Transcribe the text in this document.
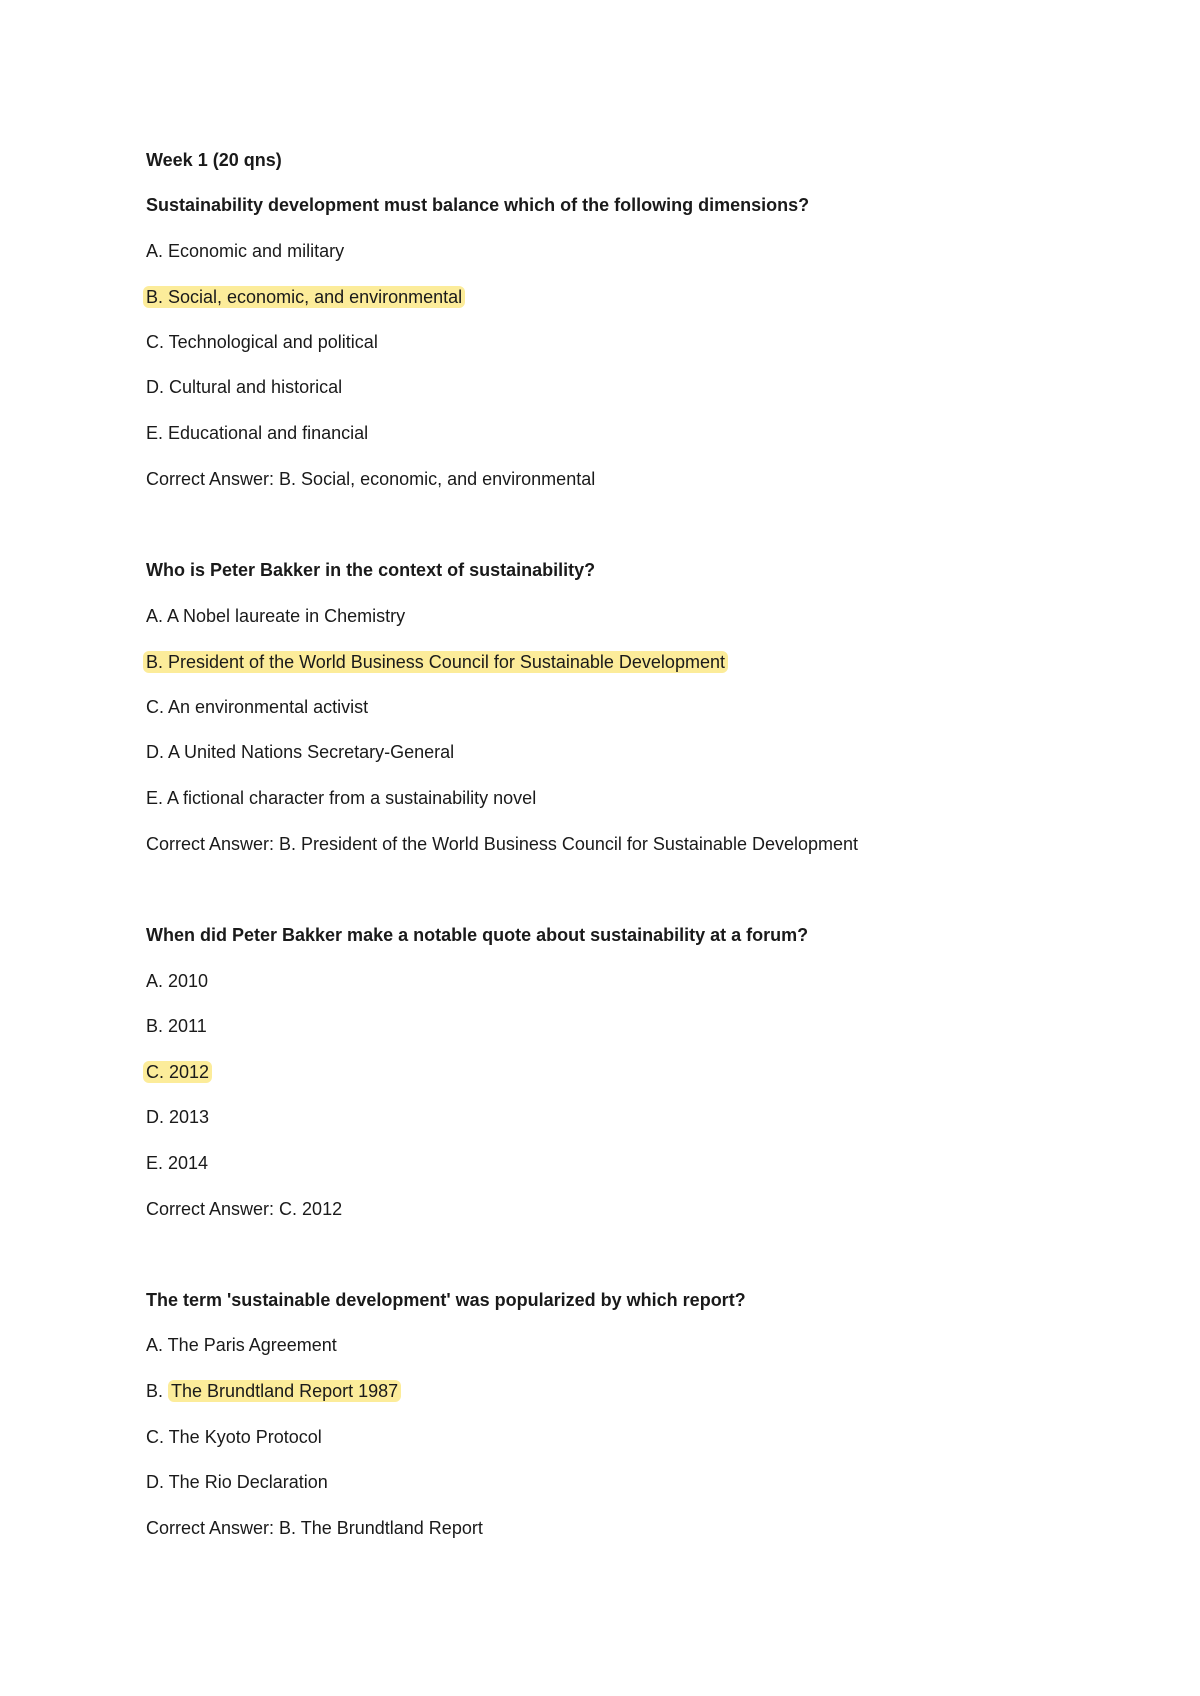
Week 1 (20 qns)
Sustainability development must balance which of the following dimensions?
A. Economic and military
B. Social, economic, and environmental
C. Technological and political
D. Cultural and historical
E. Educational and financial
Correct Answer: B. Social, economic, and environmental
Who is Peter Bakker in the context of sustainability?
A. A Nobel laureate in Chemistry
B. President of the World Business Council for Sustainable Development
C. An environmental activist
D. A United Nations Secretary-General
E. A fictional character from a sustainability novel
Correct Answer: B. President of the World Business Council for Sustainable Development
When did Peter Bakker make a notable quote about sustainability at a forum?
A. 2010
B. 2011
C. 2012
D. 2013
E. 2014
Correct Answer: C. 2012
The term 'sustainable development' was popularized by which report?
A. The Paris Agreement
B. The Brundtland Report 1987
C. The Kyoto Protocol
D. The Rio Declaration
Correct Answer: B. The Brundtland Report
